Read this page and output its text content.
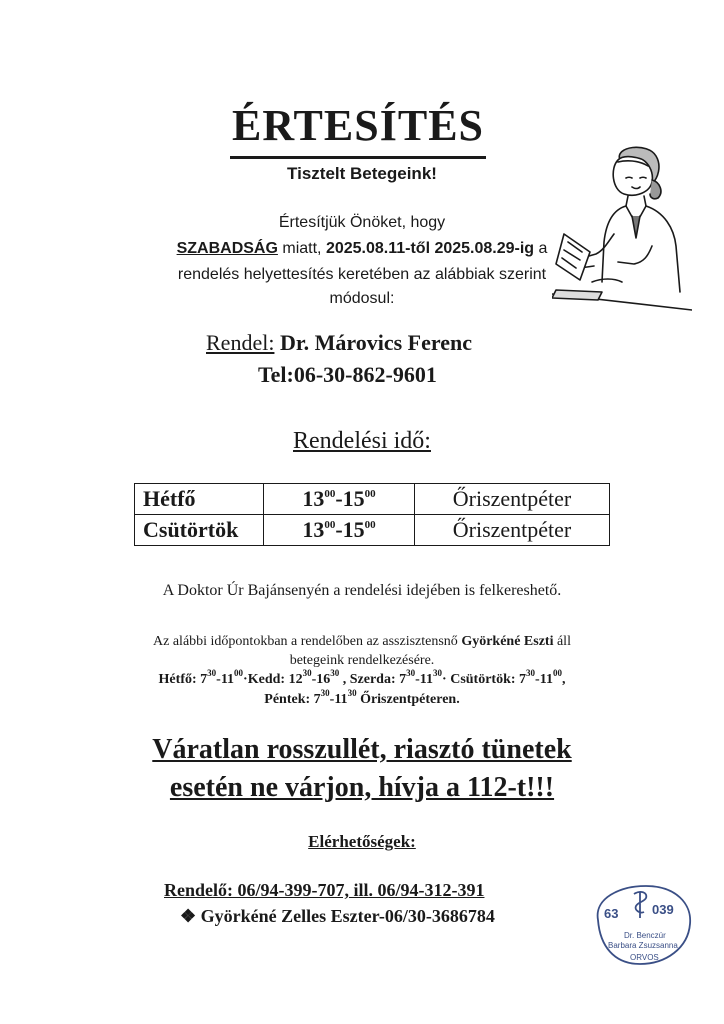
ÉRTESÍTÉS
Tisztelt Betegeink!
Értesítjük Önöket, hogy
SZABADSÁG miatt, 2025.08.11-től 2025.08.29-ig a
rendelés helyettesítés keretében az alábbiak szerint
módosul:
Rendel: Dr. Márovics Ferenc
Tel:06-30-862-9601
Rendelési idő:
Hétfő	$13^{00}-15^{00}$	Őriszentpéter
Csütörtök	$13^{00}-15^{00}$	Őriszentpéter
A Doktor Úr Bajánsenyén a rendelési idejében is felkereshető.
Az alábbi időpontokban a rendelőben az asszisztensnő Györkéné Eszti áll
betegeink rendelkezésére.
Hétfő: $7^{30}-11^{00}\cdot Kedd$: $12^{30}-16^{30}$ , Szerda: $7^{30}-11^{30}\cdot$ Csütörtök: $7^{30}-11^{00}$,
Péntek: $7^{30}-11^{30}$ Őriszentpéteren.
Váratlan rosszullét, riasztó tünetek
esetén ne várjon, hívja a 112-t!!!
Elérhetőségek:
Rendelő: 06/94-399-707, ill. 06/94-312-391
❖ Györkéné Zelles Eszter-06/30-3686784	63	039
Dr. Benczúr
Barbara Zsuzsanna
ORVOS
